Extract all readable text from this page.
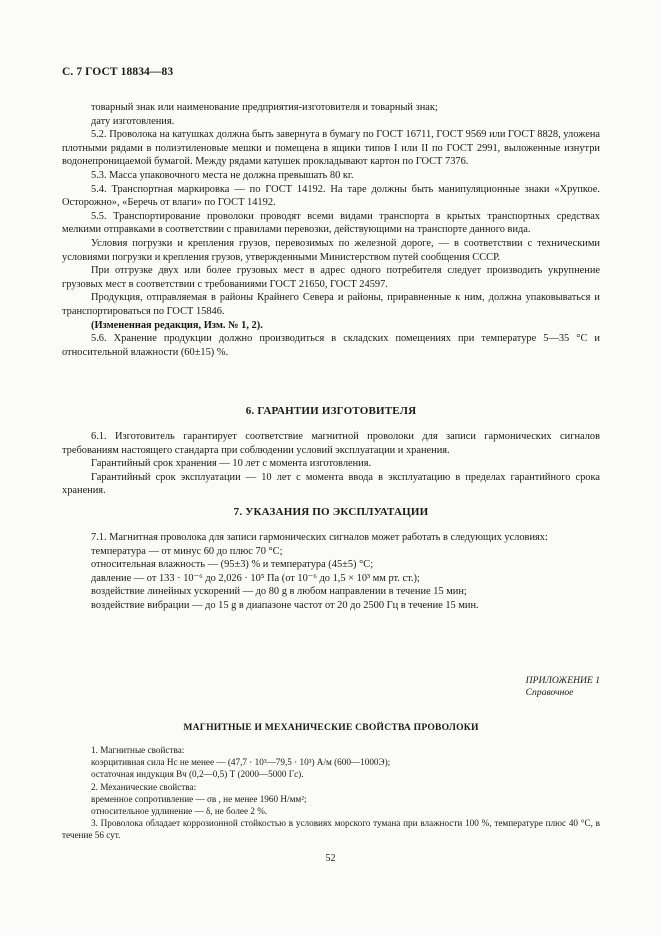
С. 7 ГОСТ 18834—83

товарный знак или наименование предприятия-изготовителя и товарный знак;

дату изготовления.

5.2. Проволока на катушках должна быть завернута в бумагу по ГОСТ 16711, ГОСТ 9569 или ГОСТ 8828, уложена плотными рядами в полиэтиленовые мешки и помещена в ящики типов I или II по ГОСТ 2991, выложенные изнутри водонепроницаемой бумагой. Между рядами катушек прокладывают картон по ГОСТ 7376.

5.3. Масса упаковочного места не должна превышать 80 кг.

5.4. Транспортная маркировка — по ГОСТ 14192. На таре должны быть манипуляционные знаки «Хрупкое. Осторожно», «Беречь от влаги» по ГОСТ 14192.

5.5. Транспортирование проволоки проводят всеми видами транспорта в крытых транспортных средствах мелкими отправками в соответствии с правилами перевозки, действующими на транспорте данного вида.

Условия погрузки и крепления грузов, перевозимых по железной дороге, — в соответствии с техническими условиями погрузки и крепления грузов, утвержденными Министерством путей сообщения СССР.

При отгрузке двух или более грузовых мест в адрес одного потребителя следует производить укрупнение грузовых мест в соответствии с требованиями ГОСТ 21650, ГОСТ 24597.

Продукция, отправляемая в районы Крайнего Севера и районы, приравненные к ним, должна упаковываться и транспортироваться по ГОСТ 15846.

(Измененная редакция, Изм. № 1, 2).

5.6. Хранение продукции должно производиться в складских помещениях при температуре 5—35 °С и относительной влажности (60±15) %.

6. ГАРАНТИИ ИЗГОТОВИТЕЛЯ

6.1. Изготовитель гарантирует соответствие магнитной проволоки для записи гармонических сигналов требованиям настоящего стандарта при соблюдении условий эксплуатации и хранения.

Гарантийный срок хранения — 10 лет с момента изготовления.

Гарантийный срок эксплуатации — 10 лет с момента ввода в эксплуатацию в пределах гарантийного срока хранения.

7. УКАЗАНИЯ ПО ЭКСПЛУАТАЦИИ

7.1. Магнитная проволока для записи гармонических сигналов может работать в следующих условиях:

температура — от минус 60 до плюс 70 °С;

относительная влажность — (95±3) % и температура (45±5) °С;

давление — от 133 · 10⁻⁶ до 2,026 · 10⁵ Па (от 10⁻⁶ до 1,5 × 10³ мм рт. ст.);

воздействие линейных ускорений — до 80 g в любом направлении в течение 15 мин;

воздействие вибрации — до 15 g в диапазоне частот от 20 до 2500 Гц в течение 15 мин.

ПРИЛОЖЕНИЕ 1
Справочное
МАГНИТНЫЕ И МЕХАНИЧЕСКИЕ СВОЙСТВА ПРОВОЛОКИ

1. Магнитные свойства:

коэрцитивная сила Hc не менее — (47,7 · 10³—79,5 · 10³) А/м (600—1000Э);

остаточная индукция Вч (0,2—0,5) Т (2000—5000 Гс).

2. Механические свойства:

временное сопротивление — σв , не менее 1960 Н/мм²;

относительное удлинение — δ, не более 2 %.

3. Проволока обладает коррозионной стойкостью в условиях морского тумана при влажности 100 %, температуре плюс 40 °С, в течение 56 сут.

52
